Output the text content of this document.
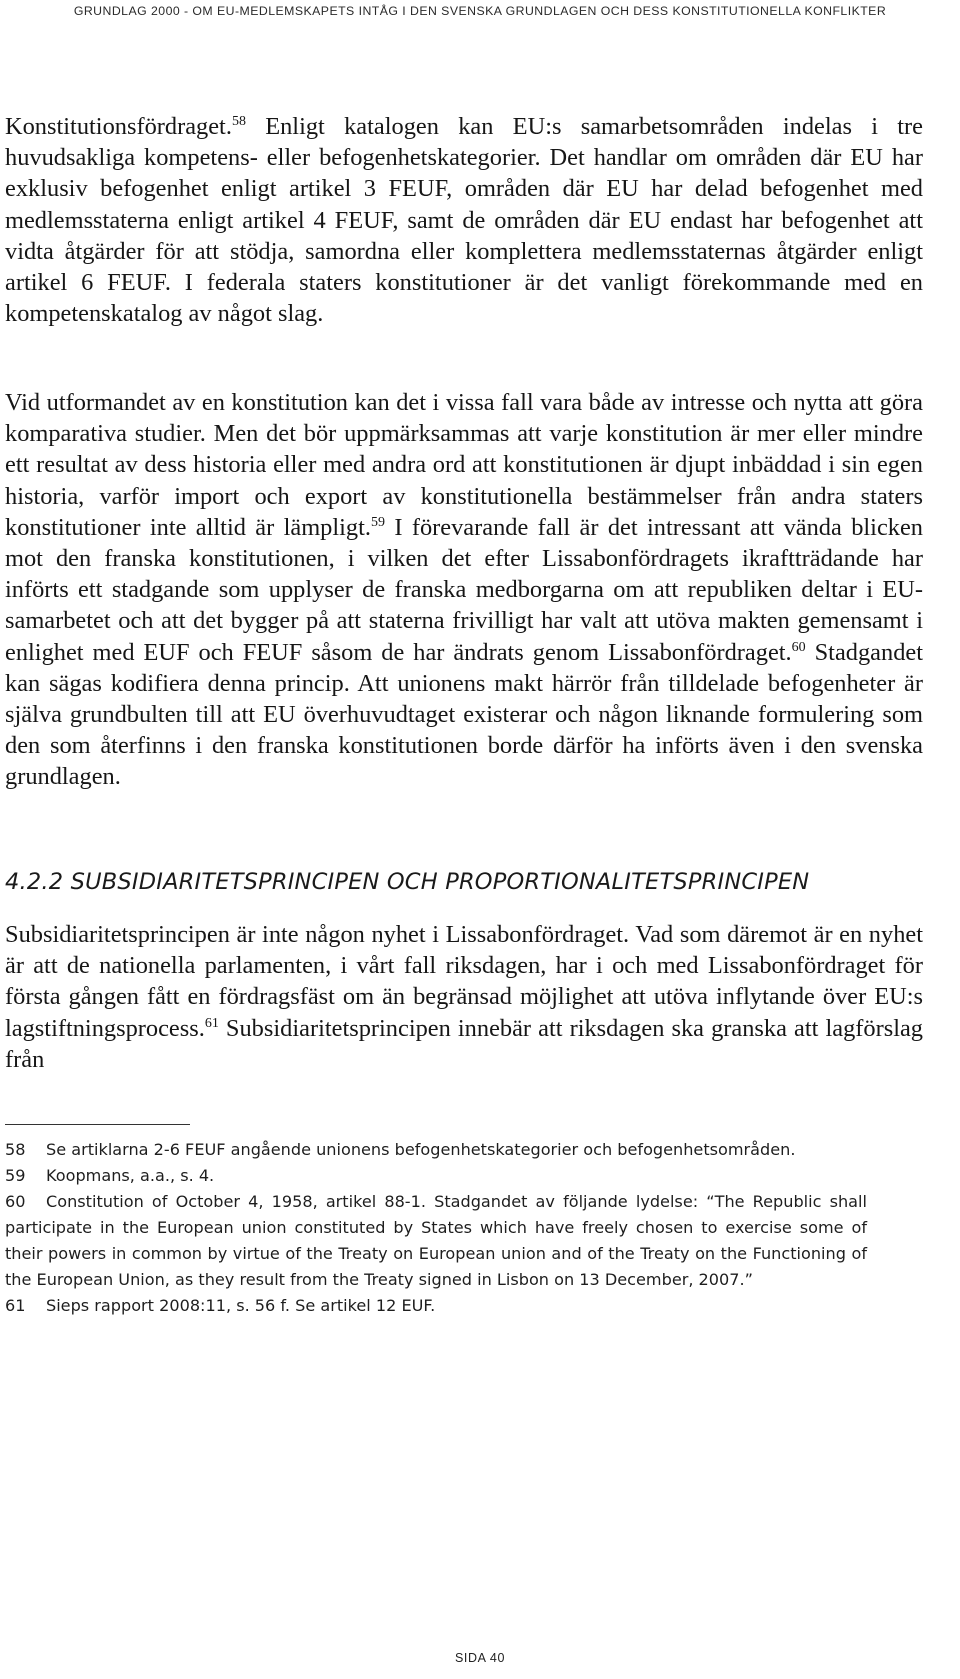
GRUNDLAG 2000 - OM EU-MEDLEMSKAPETS INTÅG I DEN SVENSKA GRUNDLAGEN OCH DESS KONSTITUTIONELLA KONFLIKTER

Konstitutionsfördraget.$^{58}$ Enligt katalogen kan EU:s samarbetsområden indelas i tre huvudsakliga kompetens- eller befogenhetskategorier. Det handlar om områden där EU har exklusiv befogenhet enligt artikel 3 FEUF, områden där EU har delad befogenhet med medlemsstaterna enligt artikel 4 FEUF, samt de områden där EU endast har befogenhet att vidta åtgärder för att stödja, samordna eller komplettera medlemsstaternas åtgärder enligt artikel 6 FEUF. I federala staters konstitutioner är det vanligt förekommande med en kompetenskatalog av något slag.

Vid utformandet av en konstitution kan det i vissa fall vara både av intresse och nytta att göra komparativa studier. Men det bör uppmärksammas att varje konstitution är mer eller mindre ett resultat av dess historia eller med andra ord att konstitutionen är djupt inbäddad i sin egen historia, varför import och export av konstitutionella bestämmelser från andra staters konstitutioner inte alltid är lämpligt.$^{59}$ I förevarande fall är det intressant att vända blicken mot den franska konstitutionen, i vilken det efter Lissabonfördragets ikraftträdande har införts ett stadgande som upplyser de franska medborgarna om att republiken deltar i EU-samarbetet och att det bygger på att staterna frivilligt har valt att utöva makten gemensamt i enlighet med EUF och FEUF såsom de har ändrats genom Lissabonfördraget.$^{60}$ Stadgandet kan sägas kodifiera denna princip. Att unionens makt härrör från tilldelade befogenheter är själva grundbulten till att EU överhuvudtaget existerar och någon liknande formulering som den som återfinns i den franska konstitutionen borde därför ha införts även i den svenska grundlagen.

4.2.2 SUBSIDIARITETSPRINCIPEN OCH PROPORTIONALITETSPRINCIPEN

Subsidiaritetsprincipen är inte någon nyhet i Lissabonfördraget. Vad som däremot är en nyhet är att de nationella parlamenten, i vårt fall riksdagen, har i och med Lissabonfördraget för första gången fått en fördragsfäst om än begränsad möjlighet att utöva inflytande över EU:s lagstiftningsprocess.$^{61}$ Subsidiaritetsprincipen innebär att riksdagen ska granska att lagförslag från

58 Se artiklarna 2-6 FEUF angående unionens befogenhetskategorier och befogenhetsområden.

59 Koopmans, a.a., s. 4.

60 Constitution of October 4, 1958, artikel 88-1. Stadgandet av följande lydelse: “The Republic shall participate in the European union constituted by States which have freely chosen to exercise some of their powers in common by virtue of the Treaty on European union and of the Treaty on the Functioning of the European Union, as they result from the Treaty signed in Lisbon on 13 December, 2007.”

61 Sieps rapport 2008:11, s. 56 f. Se artikel 12 EUF.

SIDA 40
